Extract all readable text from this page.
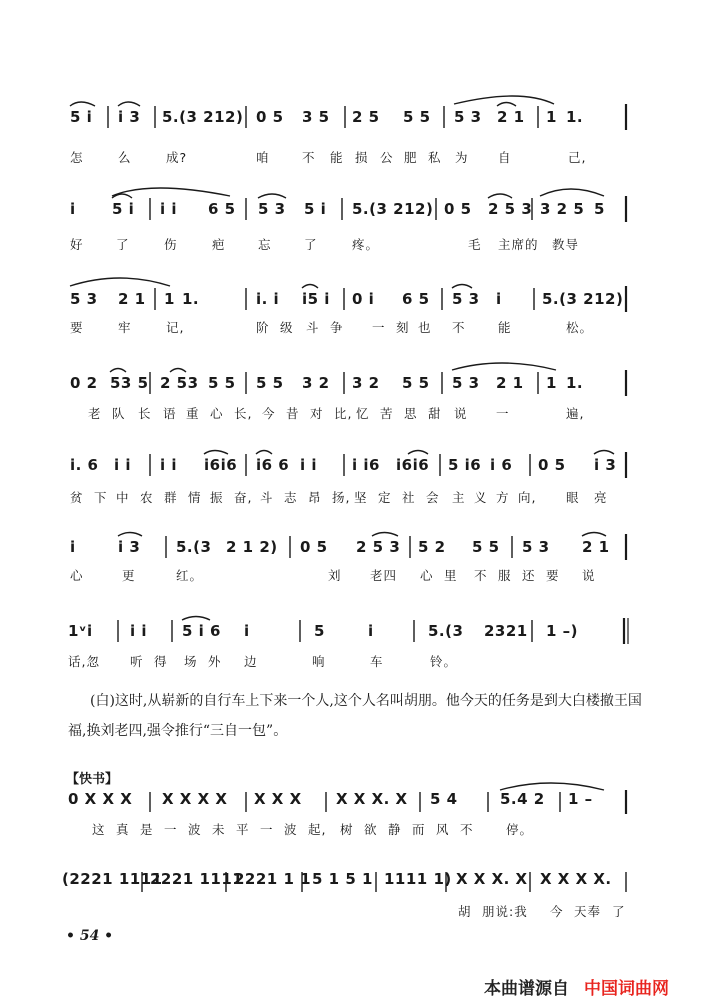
5 i i 3 5.(3 212) 0 5 3 5 2 5 5 5 5 3 2 1 1 1.
怎	么	成?	咱	不 能 损 公 肥 私 为 自	己,
i 5 i i i 6 5 5 3 5 i 5.(3 212) 0 5 2 5 3 3 2 5 5
好	了	伤	疤	忘	了	疼。	毛 主席的 教导
5 3 2 1 1 1.	i. i i5 i 0 i 6 5 5 3 i	5.(3 212)
要	牢	记,	阶 级 斗 争 一 刻 也 不	能	松。
0 2 53 5 2 53 5 5 5 5 3 2 3 2 5 5 5 3 2 1 1 1.
老 队 长 语 重 心 长, 今 昔 对 比, 忆 苦 思 甜 说 一	遍,
i. 6 i i i i i6i6 i6 6 i i i i6 i6i6 5 i6 i 6 0 5 i 3
贫 下 中 农 群 情 振 奋, 斗 志 昂 扬, 坚 定 社 会 主 义 方 向, 眼 亮
i	i 3 5.(3 2 1 2) 0 5 2 5 3 5 2 5 5 5 3 2 1
心	更	红。	刘 老四 心 里 不 服 还 要 说
1ᵛi i i 5 i 6 i	5	i	5.(3 2321 1 –)
话,忽 听 得 场 外 边	响	车	铃。
(白)这时,从崭新的自行车上下来一个人,这个人名叫胡朋。他今天的任务是到大白楼撤王国福,换刘老四,强令推行“三自一包”。
【快书】
0 X X X X X X X X X X X X X. X 5 4	5.4 2 1 –
这 真 是 一 波 未 平 一 波 起, 树 欲 静 而 风 不	停。
(2221 1111
2221 1111
2221 1 1 5 1 5 1 1111 1) X X X. X X X X X.
胡 朋说:我 今 天奉 了
• 54 •
本曲谱源自 中国词曲网
